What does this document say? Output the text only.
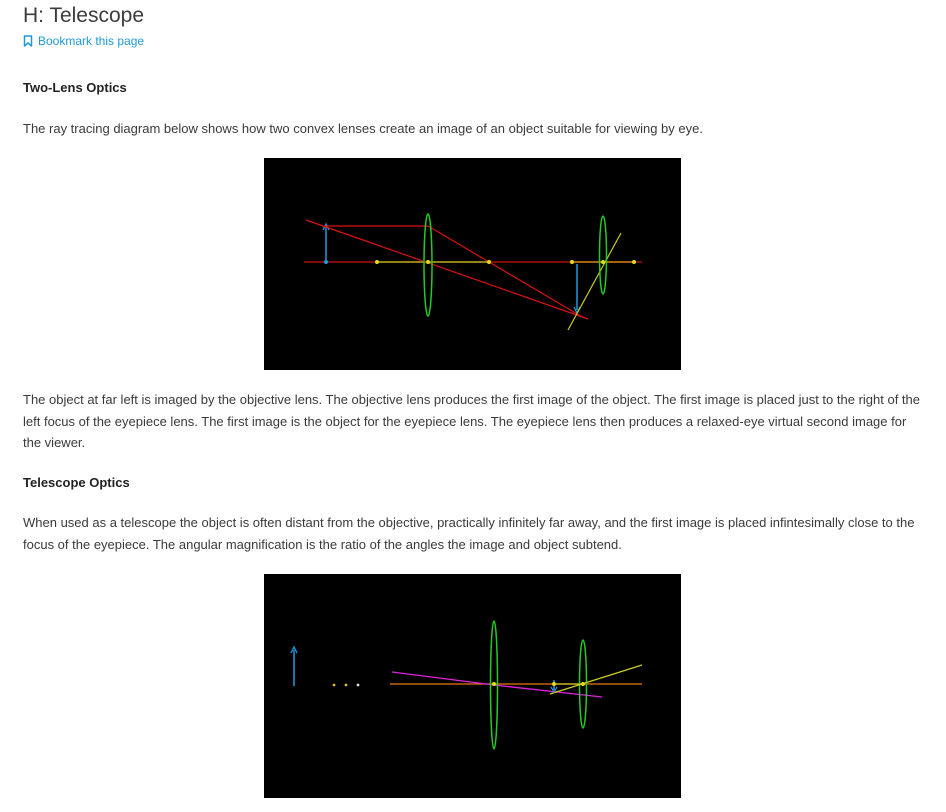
H: Telescope
Bookmark this page
Two-Lens Optics
The ray tracing diagram below shows how two convex lenses create an image of an object suitable for viewing by eye.
The object at far left is imaged by the objective lens. The objective lens produces the first image of the object. The first image is placed just to the right of the left focus of the eyepiece lens. The first image is the object for the eyepiece lens. The eyepiece lens then produces a relaxed-eye virtual second image for the viewer.
Telescope Optics
When used as a telescope the object is often distant from the objective, practically infinitely far away, and the first image is placed infintesimally close to the focus of the eyepiece. The angular magnification is the ratio of the angles the image and object subtend.
